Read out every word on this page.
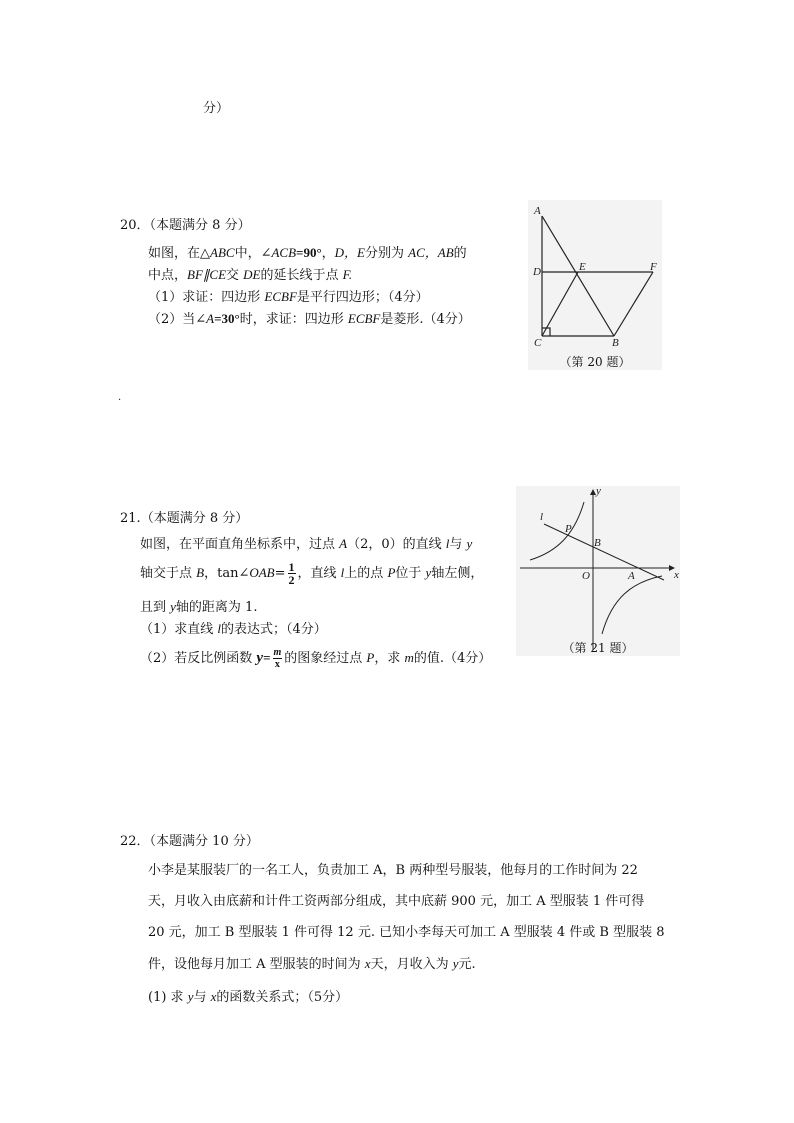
分）
20．（本题满分 8 分）
如图，在△ABC中，∠ACB=90°，D，E分别为 AC，AB的
中点，BF∥CE交 DE的延长线于点 F.
（1）求证：四边形 ECBF是平行四边形；（4分）
（2）当∠A=30°时，求证：四边形 ECBF是菱形.（4分）
A
D	E	F
C	B
（第 20 题）
.
21.（本题满分 8 分）
如图，在平面直角坐标系中，过点 A（2，0）的直线 l与 y
轴交于点 B，tan∠OAB= $\frac{1}{2}$ ，直线 l上的点 P位于 y轴左侧，
且到 y轴的距离为 1.
（1）求直线 l的表达式；（4分）
（2）若反比例函数 $y= \frac{m}{x}$ 的图象经过点 P，求 m的值.（4分）
y
x
l
P
B
O	A
（第 21 题）
22．（本题满分 10 分）
小李是某服装厂的一名工人，负责加工 A，B 两种型号服装，他每月的工作时间为 22
天，月收入由底薪和计件工资两部分组成，其中底薪 900 元，加工 A 型服装 1 件可得
20 元，加工 B 型服装 1 件可得 12 元. 已知小李每天可加工 A 型服装 4 件或 B 型服装 8
件，设他每月加工 A 型服装的时间为 x天，月收入为 y元.
(1) 求 y与 x的函数关系式；（5分）
